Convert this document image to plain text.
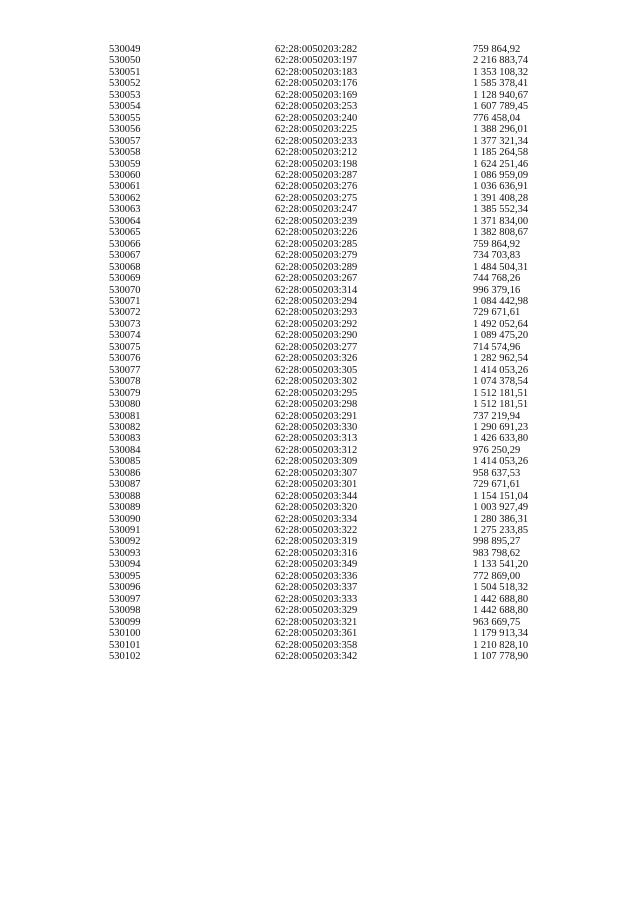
530049	62:28:0050203:282	759 864,92
530050	62:28:0050203:197	2 216 883,74
530051	62:28:0050203:183	1 353 108,32
530052	62:28:0050203:176	1 585 378,41
530053	62:28:0050203:169	1 128 940,67
530054	62:28:0050203:253	1 607 789,45
530055	62:28:0050203:240	776 458,04
530056	62:28:0050203:225	1 388 296,01
530057	62:28:0050203:233	1 377 321,34
530058	62:28:0050203:212	1 185 264,58
530059	62:28:0050203:198	1 624 251,46
530060	62:28:0050203:287	1 086 959,09
530061	62:28:0050203:276	1 036 636,91
530062	62:28:0050203:275	1 391 408,28
530063	62:28:0050203:247	1 385 552,34
530064	62:28:0050203:239	1 371 834,00
530065	62:28:0050203:226	1 382 808,67
530066	62:28:0050203:285	759 864,92
530067	62:28:0050203:279	734 703,83
530068	62:28:0050203:289	1 484 504,31
530069	62:28:0050203:267	744 768,26
530070	62:28:0050203:314	996 379,16
530071	62:28:0050203:294	1 084 442,98
530072	62:28:0050203:293	729 671,61
530073	62:28:0050203:292	1 492 052,64
530074	62:28:0050203:290	1 089 475,20
530075	62:28:0050203:277	714 574,96
530076	62:28:0050203:326	1 282 962,54
530077	62:28:0050203:305	1 414 053,26
530078	62:28:0050203:302	1 074 378,54
530079	62:28:0050203:295	1 512 181,51
530080	62:28:0050203:298	1 512 181,51
530081	62:28:0050203:291	737 219,94
530082	62:28:0050203:330	1 290 691,23
530083	62:28:0050203:313	1 426 633,80
530084	62:28:0050203:312	976 250,29
530085	62:28:0050203:309	1 414 053,26
530086	62:28:0050203:307	958 637,53
530087	62:28:0050203:301	729 671,61
530088	62:28:0050203:344	1 154 151,04
530089	62:28:0050203:320	1 003 927,49
530090	62:28:0050203:334	1 280 386,31
530091	62:28:0050203:322	1 275 233,85
530092	62:28:0050203:319	998 895,27
530093	62:28:0050203:316	983 798,62
530094	62:28:0050203:349	1 133 541,20
530095	62:28:0050203:336	772 869,00
530096	62:28:0050203:337	1 504 518,32
530097	62:28:0050203:333	1 442 688,80
530098	62:28:0050203:329	1 442 688,80
530099	62:28:0050203:321	963 669,75
530100	62:28:0050203:361	1 179 913,34
530101	62:28:0050203:358	1 210 828,10
530102	62:28:0050203:342	1 107 778,90
